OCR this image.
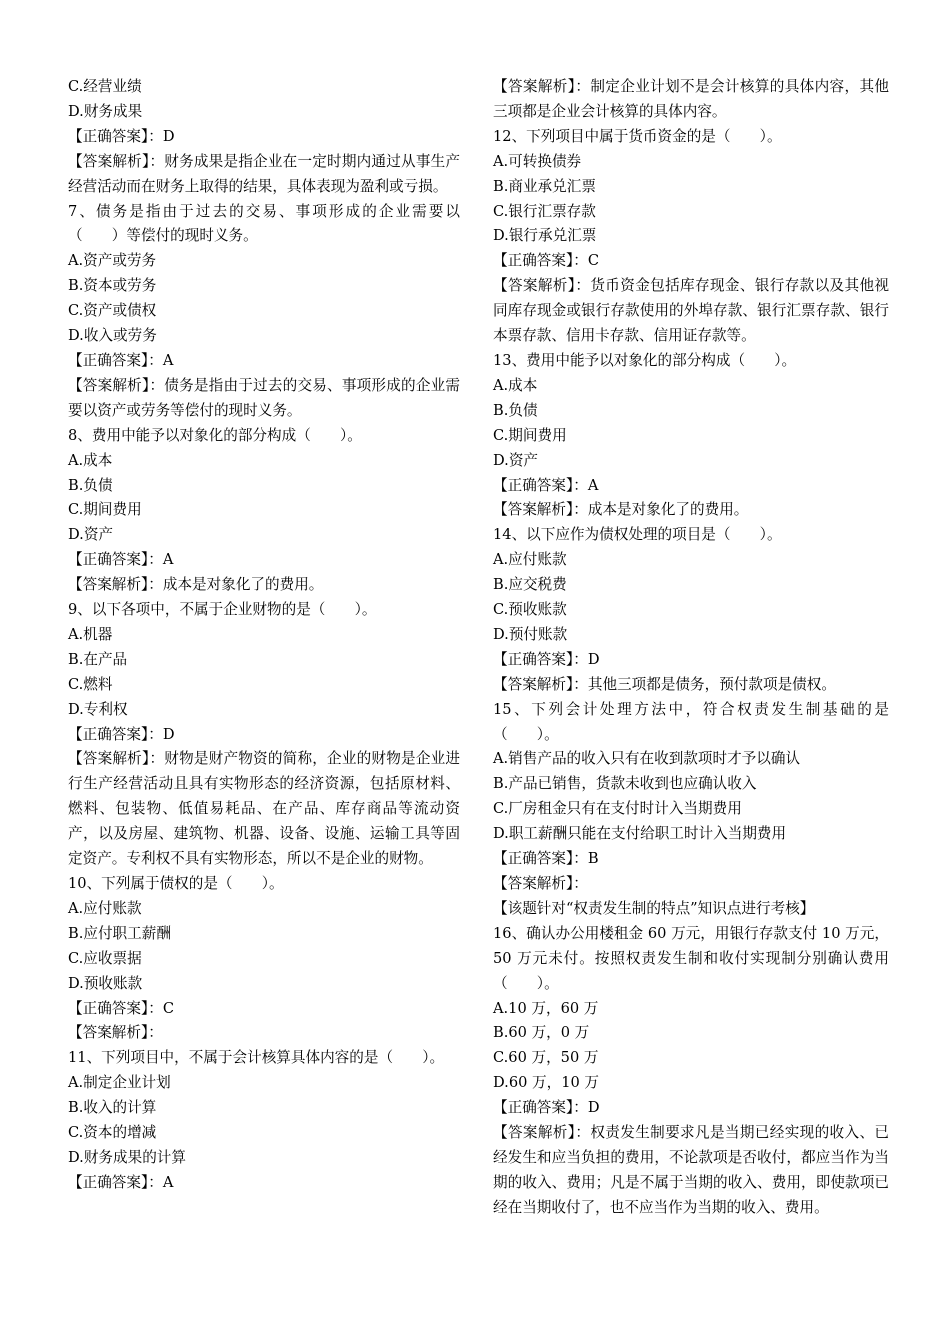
C.经营业绩
D.财务成果
【正确答案】：D
【答案解析】：财务成果是指企业在一定时期内通过从事生产经营活动而在财务上取得的结果，具体表现为盈利或亏损。
7、债务是指由于过去的交易、事项形成的企业需要以（　　）等偿付的现时义务。
A.资产或劳务
B.资本或劳务
C.资产或债权
D.收入或劳务
【正确答案】：A
【答案解析】：债务是指由于过去的交易、事项形成的企业需要以资产或劳务等偿付的现时义务。
8、费用中能予以对象化的部分构成（　　）。
A.成本
B.负债
C.期间费用
D.资产
【正确答案】：A
【答案解析】：成本是对象化了的费用。
9、以下各项中，不属于企业财物的是（　　）。
A.机器
B.在产品
C.燃料
D.专利权
【正确答案】：D
【答案解析】：财物是财产物资的简称，企业的财物是企业进行生产经营活动且具有实物形态的经济资源，包括原材料、燃料、包装物、低值易耗品、在产品、库存商品等流动资产，以及房屋、建筑物、机器、设备、设施、运输工具等固定资产。专利权不具有实物形态，所以不是企业的财物。
10、下列属于债权的是（　　）。
A.应付账款
B.应付职工薪酬
C.应收票据
D.预收账款
【正确答案】：C
【答案解析】：
11、下列项目中，不属于会计核算具体内容的是（　　）。
A.制定企业计划
B.收入的计算
C.资本的增减
D.财务成果的计算
【正确答案】：A
【答案解析】：制定企业计划不是会计核算的具体内容，其他三项都是企业会计核算的具体内容。
12、下列项目中属于货币资金的是（　　）。
A.可转换债券
B.商业承兑汇票
C.银行汇票存款
D.银行承兑汇票
【正确答案】：C
【答案解析】：货币资金包括库存现金、银行存款以及其他视同库存现金或银行存款使用的外埠存款、银行汇票存款、银行本票存款、信用卡存款、信用证存款等。
13、费用中能予以对象化的部分构成（　　）。
A.成本
B.负债
C.期间费用
D.资产
【正确答案】：A
【答案解析】：成本是对象化了的费用。
14、以下应作为债权处理的项目是（　　）。
A.应付账款
B.应交税费
C.预收账款
D.预付账款
【正确答案】：D
【答案解析】：其他三项都是债务，预付款项是债权。
15、下列会计处理方法中，符合权责发生制基础的是（　　）。
A.销售产品的收入只有在收到款项时才予以确认
B.产品已销售，货款未收到也应确认收入
C.厂房租金只有在支付时计入当期费用
D.职工薪酬只能在支付给职工时计入当期费用
【正确答案】：B
【答案解析】：
【该题针对“权责发生制的特点”知识点进行考核】
16、确认办公用楼租金 60 万元，用银行存款支付 10 万元，50 万元未付。按照权责发生制和收付实现制分别确认费用（　　）。
A.10 万，60 万
B.60 万，0 万
C.60 万，50 万
D.60 万，10 万
【正确答案】：D
【答案解析】：权责发生制要求凡是当期已经实现的收入、已经发生和应当负担的费用，不论款项是否收付，都应当作为当期的收入、费用；凡是不属于当期的收入、费用，即使款项已经在当期收付了，也不应当作为当期的收入、费用。
